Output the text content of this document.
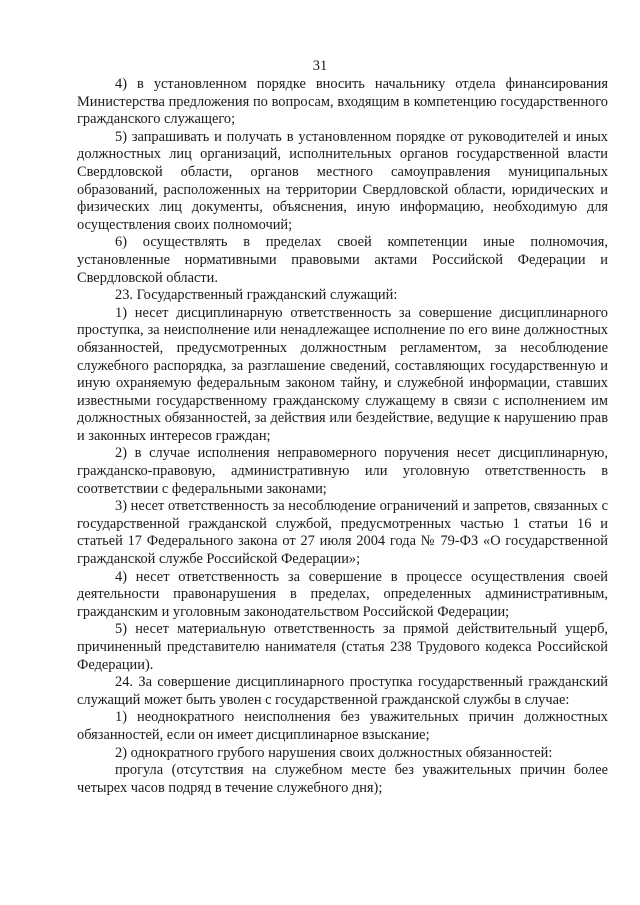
31

4) в установленном порядке вносить начальнику отдела финансирования Министерства предложения по вопросам, входящим в компетенцию государственного гражданского служащего;

5) запрашивать и получать в установленном порядке от руководителей и иных должностных лиц организаций, исполнительных органов государственной власти Свердловской области, органов местного самоуправления муниципальных образований, расположенных на территории Свердловской области, юридических и физических лиц документы, объяснения, иную информацию, необходимую для осуществления своих полномочий;

6) осуществлять в пределах своей компетенции иные полномочия, установленные нормативными правовыми актами Российской Федерации и Свердловской области.

23. Государственный гражданский служащий:

1) несет дисциплинарную ответственность за совершение дисциплинарного проступка, за неисполнение или ненадлежащее исполнение по его вине должностных обязанностей, предусмотренных должностным регламентом, за несоблюдение служебного распорядка, за разглашение сведений, составляющих государственную и иную охраняемую федеральным законом тайну, и служебной информации, ставших известными государственному гражданскому служащему в связи с исполнением им должностных обязанностей, за действия или бездействие, ведущие к нарушению прав и законных интересов граждан;

2) в случае исполнения неправомерного поручения несет дисциплинарную, гражданско-правовую, административную или уголовную ответственность в соответствии с федеральными законами;

3) несет ответственность за несоблюдение ограничений и запретов, связанных с государственной гражданской службой, предусмотренных частью 1 статьи 16 и статьей 17 Федерального закона от 27 июля 2004 года № 79-ФЗ «О государственной гражданской службе Российской Федерации»;

4) несет ответственность за совершение в процессе осуществления своей деятельности правонарушения в пределах, определенных административным, гражданским и уголовным законодательством Российской Федерации;

5) несет материальную ответственность за прямой действительный ущерб, причиненный представителю нанимателя (статья 238 Трудового кодекса Российской Федерации).

24. За совершение дисциплинарного проступка государственный гражданский служащий может быть уволен с государственной гражданской службы в случае:

1) неоднократного неисполнения без уважительных причин должностных обязанностей, если он имеет дисциплинарное взыскание;

2) однократного грубого нарушения своих должностных обязанностей:

прогула (отсутствия на служебном месте без уважительных причин более четырех часов подряд в течение служебного дня);
